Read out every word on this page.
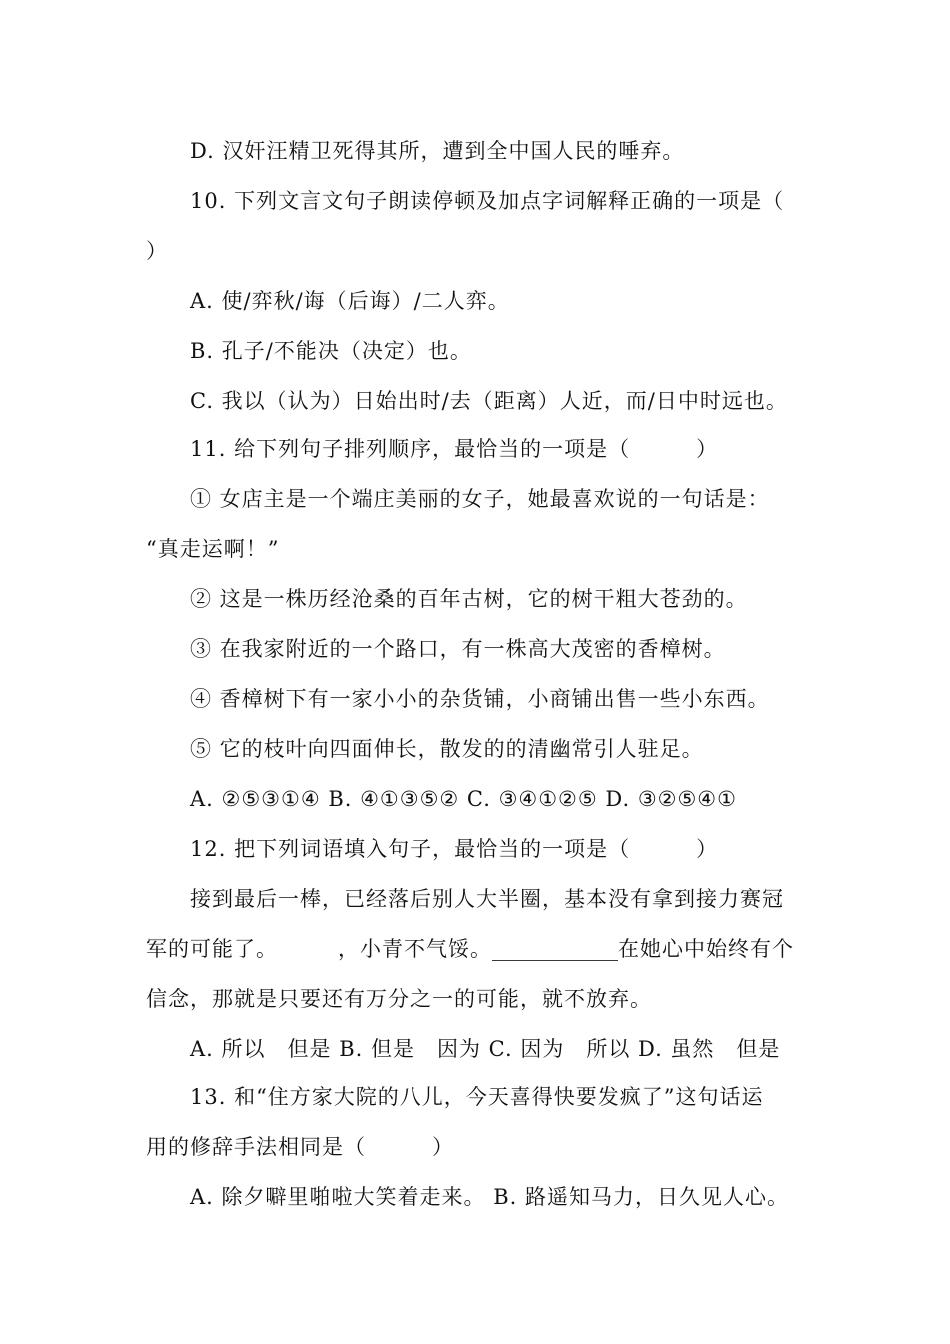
D. 汉奸汪精卫死得其所，遭到全中国人民的唾弃。
10. 下列文言文句子朗读停顿及加点字词解释正确的一项是（
）
A. 使/弈秋/诲（后诲）/二人弈。
B. 孔子/不能决（决定）也。
C. 我以（认为）日始出时/去（距离）人近，而/日中时远也。
11. 给下列句子排列顺序，最恰当的一项是（　　　）
① 女店主是一个端庄美丽的女子，她最喜欢说的一句话是：
“真走运啊！”
② 这是一株历经沧桑的百年古树，它的树干粗大苍劲的。
③ 在我家附近的一个路口，有一株高大茂密的香樟树。
④ 香樟树下有一家小小的杂货铺，小商铺出售一些小东西。
⑤ 它的枝叶向四面伸长，散发的的清幽常引人驻足。
A. ②⑤③①④ B. ④①③⑤② C. ③④①②⑤ D. ③②⑤④①
12. 把下列词语填入句子，最恰当的一项是（　　　）
接到最后一棒，已经落后别人大半圈，基本没有拿到接力赛冠
军的可能了。	，小青不气馁。____________在她心中始终有个
信念，那就是只要还有万分之一的可能，就不放弃。
A. 所以　但是 B. 但是　因为 C. 因为　所以 D. 虽然　但是
13. 和“住方家大院的八儿，今天喜得快要发疯了”这句话运
用的修辞手法相同是（　　　）
A. 除夕噼里啪啦大笑着走来。 B. 路遥知马力，日久见人心。
